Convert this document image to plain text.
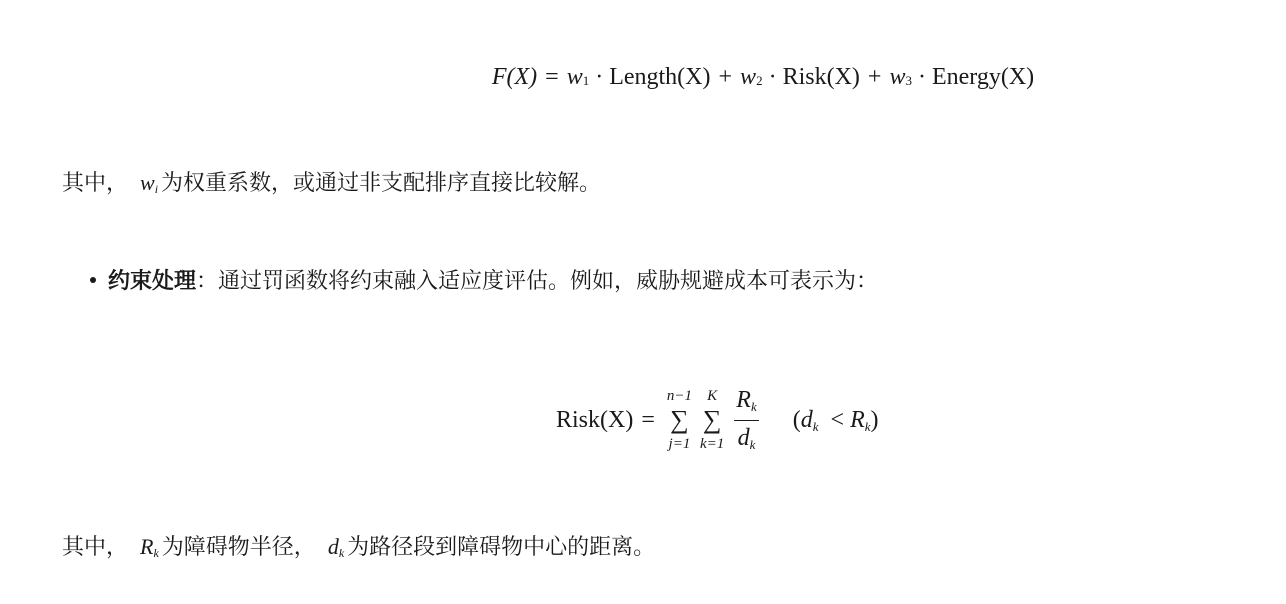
F(X) = w 1 · Length(X) + w 2 · Risk(X) + w 3 · Energy(X)
其中， wi 为权重系数，或通过非支配排序直接比较解。
约束处理：通过罚函数将约束融入适应度评估。例如，威胁规避成本可表示为：
Risk(X) =
n−1
∑
j=1
K
∑
$k=1 \frac{Rk}{dk} (dk < Rk)$
其中， Rk 为障碍物半径， dk 为路径段到障碍物中心的距离。
